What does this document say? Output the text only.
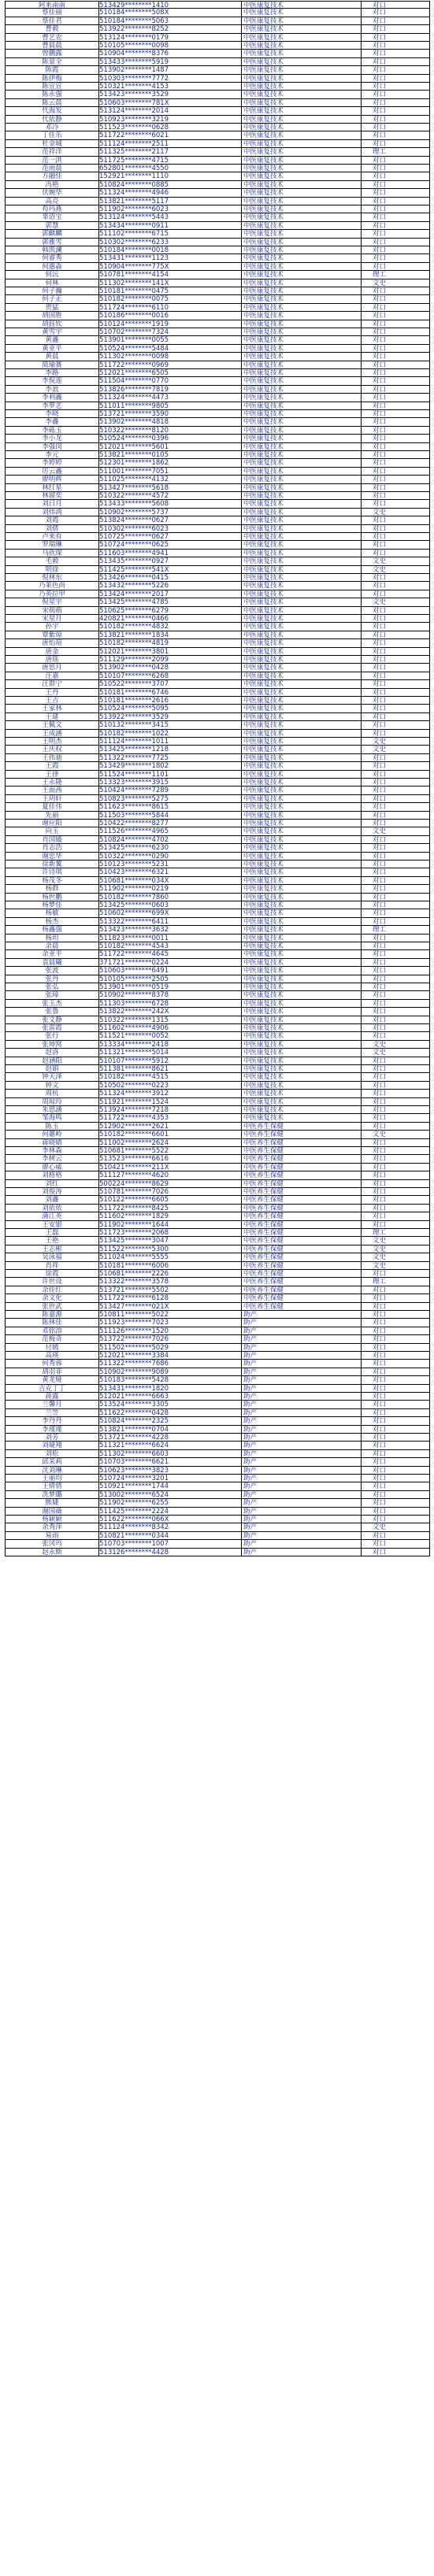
阿来南南	513429********1410	中医康复技术	对口
蔡佳丽	510184********508X	中医康复技术	对口
蔡佳君	510184********5063	中医康复技术	对口
曹毅	513922********8252	中医康复技术	对口
曹艺农	513124********0179	中医康复技术	对口
曹晨晨	510105********0098	中医康复技术	对口
曾鹏露	510904********8376	中医康复技术	对口
陈景全	513433********5919	中医康复技术	对口
陈霞	513902********1487	中医康复技术	对口
陈伊梅	510303********7772	中医康复技术	对口
陈宣宣	510321********4153	中医康复技术	对口
陈永强	513423********3529	中医康复技术	对口
陈云晨	510603********781X	中医康复技术	对口
代海发	513124********2014	中医康复技术	对口
代依静	510923********3219	中医康复技术	对口
邓冷	511523********0628	中医康复技术	对口
丁佳乐	511722********6021	中医康复技术	对口
杜金城	511124********2511	中医康复技术	对口
范祥洋	511325********2117	中医康复技术	理工
范一洪	511725********4715	中医康复技术	对口
范雨晨	652801********4550	中医康复技术	对口
方融佳	152921********1110	中医康复技术	对口
冯艳	510824********0885	中医康复技术	对口
伏婉华	511324********4946	中医康复技术	对口
高亮	513821********5117	中医康复技术	对口
苟玛燕	511902********6023	中医康复技术	对口
辜语宝	513124********5443	中医康复技术	对口
郭慧	513434********0911	中医康复技术	对口
郭麒麟	511102********6715	中医康复技术	对口
郭雅雪	510302********6233	中医康复技术	对口
韩凯澜	510184********0018	中医康复技术	对口
何睿秀	513431********1123	中医康复技术	对口
何惠淼	510904********775X	中医康复技术	对口
何沅	510781********4154	中医康复技术	理工
何林	511302********141X	中医康复技术	文史
何子瀚	510181********0475	中医康复技术	对口
何子正	510182********0075	中医康复技术	对口
贺猛	511724********6110	中医康复技术	对口
胡国胜	510186********0016	中医康复技术	对口
胡鈺钦	510124********1919	中医康复技术	对口
黄雪宇	510702********7324	中医康复技术	对口
黄鑫	513901********0055	中医康复技术	对口
黄亚平	510524********5484	中医康复技术	对口
黄晨	511302********0098	中医康复技术	对口
简瑜赛	511722********0969	中医康复技术	对口
李路	512021********6505	中医康复技术	对口
李倪莲	511504********0770	中医康复技术	对口
李浪	513826********7819	中医康复技术	对口
李利鑫	511324********4473	中医康复技术	对口
李罗艺	511011********9805	中医康复技术	对口
李晓	513721********3590	中医康复技术	对口
李鑫	513902********4818	中医康复技术	对口
李砾玉	510322********8120	中医康复技术	对口
李小龙	510524********0396	中医康复技术	对口
李强闵	512021********5601	中医康复技术	对口
李元	513821********0105	中医康复技术	对口
李婷婷	512301********1862	中医康复技术	对口
厉云鑫	511001********7051	中医康复技术	对口
廖明辉	511025********4132	中医康复技术	对口
林红星	513427********5618	中医康复技术	对口
林留奕	510322********4572	中医康复技术	对口
刘日月	513433********5608	中医康复技术	对口
刘炜鸿	510902********5737	中医康复技术	文史
刘霞	513824********0627	中医康复技术	对口
刘倩	510302********6023	中医康复技术	对口
卢来有	510725********0627	中医康复技术	对口
罗瑞琳	510724********0625	中医康复技术	对口
马欣琛	511603********4941	中医康复技术	对口
毛毅	513435********0927	中医康复技术	文史
明徐	511425********541X	中医康复技术	文史
倪林东	513426********0415	中医康复技术	对口
乃莱色尚	513432********5226	中医康复技术	对口
乃英拉甲	513424********2017	中医康复技术	对口
倪星宇	513425********4785	中医康复技术	文史
宋萌萌	510625********6279	中医康复技术	对口
宋星月	420821********0466	中医康复技术	对口
孙宇	510182********4832	中医康复技术	对口
覃紫琼	513821********1834	中医康复技术	对口
唐怡瑄	510182********4819	中医康复技术	对口
唐金	512021********3801	中医康复技术	对口
唐瑶	511129********2099	中医康复技术	对口
唐思月	513902********0428	中医康复技术	对口
汪嘉	510107********6268	中医康复技术	对口
汪群宁	510522********3707	中医康复技术	对口
王丹	510181********6746	中医康复技术	对口
王吉	510181********2616	中医康复技术	对口
王家林	510524********5095	中医康复技术	对口
王建	513922********3529	中医康复技术	对口
王佩文	510132********3415	中医康复技术	对口
王成涵	510182********1022	中医康复技术	对口
王明杰	511124********1011	中医康复技术	文史
王庆权	513425********1218	中医康复技术	文史
王伟迪	511322********7725	中医康复技术	对口
王霞	513429********1802	中医康复技术	对口
王律	511524********1101	中医康复技术	对口
王永隆	513323********3915	中医康复技术	对口
王面茜	510424********7289	中医康复技术	对口
王玥轩	510823********5275	中医康复技术	对口
夏佳伟	511623********8615	中医康复技术	对口
先丽	511503********5844	中医康复技术	对口
谢应阳	510422********8277	中医康复技术	对口
向玉	511526********4965	中医康复技术	文史
肖国媛	510824********4702	中医康复技术	对口
肖志浩	513425********6230	中医康复技术	对口
谢忠华	510322********0290	中医康复技术	对口
徐新翼	510123********5231	中医康复技术	对口
许诗琪	510423********6321	中医康复技术	对口
杨茂冬	510681********034X	中医康复技术	对口
杨群	511902********0219	中医康复技术	对口
杨世鹏	510182********7860	中医康复技术	对口
杨梦佳	513425********0603	中医康复技术	对口
杨敏	510602********699X	中医康复技术	对口
杨杰	513322********6411	中医康复技术	对口
杨鑫强	513423********3632	中医康复技术	理工
杨坦	511823********0011	中医康复技术	对口
余晨	510182********4543	中医康复技术	对口
余亚平	511722********4645	中医康复技术	对口
袁晨曦	371721********0224	中医康复技术	对口
张波	510603********6491	中医康复技术	对口
张丹	510105********2505	中医康复技术	对口
张弘	513901********0519	中医康复技术	对口
张璋	510902********8378	中医康复技术	对口
张玉杰	511303********6728	中医康复技术	对口
张鲁	513822********242X	中医康复技术	对口
张文静	510322********1315	中医康复技术	对口
张雷霞	511602********4906	中医康复技术	对口
张行	511521********0052	中医康复技术	对口
张坤窝	513334********2418	中医康复技术	文史
赵洛	511321********5014	中医康复技术	文史
赵涵阳	510107********5912	中医康复技术	对口
赵娟	511381********8621	中医康复技术	对口
钟天泽	510182********4515	中医康复技术	对口
钟文	510502********0223	中医康复技术	对口
周杭	511324********3912	中医康复技术	对口
周琼玲	511921********1524	中医康复技术	对口
朱思涵	513924********7218	中医康复技术	对口
邹海鸣	511722********4353	中医康复技术	对口
陈玉	512902********2621	中医养生保健	对口
何蕙岭	510182********6601	中医养生保健	文史
蒋晓婧	511002********2624	中医养生保健	对口
李林森	510681********5522	中医养生保健	对口
李树云	513523********6616	中医养生保健	对口
廖心威	510421********211X	中医养生保健	对口
刘格格	511127********4620	中医养生保健	对口
刘红	500224********8629	中医养生保健	对口
刘俊涛	510781********7026	中医养生保健	对口
刘鑫	510122********6605	中医养生保健	对口
刘依依	511722********8425	中医养生保健	对口
蒲江英	511602********1829	中医养生保健	对口
王安银	511902********1644	中医养生保健	对口
王磊	511723********2068	中医养生保健	理工
王艳	513425********3047	中医养生保健	文史
王志彬	511522********5300	中医养生保健	文史
吴泳福	511024********5555	中医养生保健	文史
肖祥	510181********6006	中医养生保健	文史
徐霞	510681********2226	中医养生保健	对口
许世设	513322********3578	中医养生保健	理工
余佳红	513721********5502	中医养生保健	对口
余文化	511722********6128	中医养生保健	对口
张世武	513427********021X	中医养生保健	对口
陈嘉源	510811********5022	助产	对口
陈林佳	511923********7023	助产	对口
邓铭溶	511126********1520	助产	对口
范梅奇	513722********7026	助产	对口
付嫣	511502********5029	助产	对口
高瑛	512021********3384	助产	对口
何秀蓉	511322********7686	助产	对口
胡羽菲	510902********9089	助产	对口
黄龙娅	510183********5428	助产	对口
吉克丁丁	513431********1820	助产	对口
蒋露	512021********6663	助产	对口
兰馨月	513524********3305	助产	对口
兰笠	511622********0428	助产	对口
李丹丹	510824********2325	助产	对口
李瑾瑾	513821********0704	助产	对口
刘芳	513721********4228	助产	对口
刘婕翔	511321********6624	助产	对口
刘松	511302********6603	助产	对口
邱茉莉	510703********6621	助产	对口
沈刘琳	510623********3823	助产	对口
王丽均	510724********3201	助产	对口
王倩倩	510921********1744	助产	对口
冼梦璐	513002********6524	助产	对口
熊婕	511902********6255	助产	对口
谢国薇	511425********2224	助产	对口
杨颖颖	511622********066X	助产	对口
余秀萍	511124********8342	助产	文史
易雨	510821********0344	助产	对口
张冈玛	510703********1007	助产	对口
赵永斯	513126********4428	助产	对口
